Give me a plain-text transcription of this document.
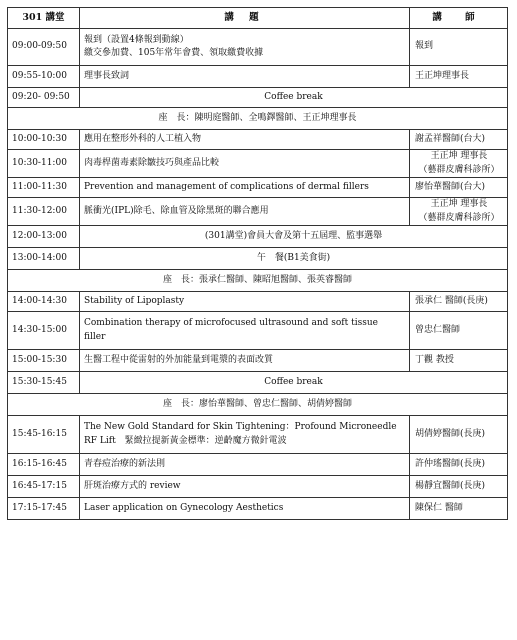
301 講堂	講 題	講 師
09:00-09:50	報到（設置4條報到動線）
繳交參加費、105年常年會費、領取繳費收據	報到

09:55-10:00	理事長致詞	王正坤理事長

09:20- 09:50	Coffee break	
座　長：陳明庭醫師、全鳴鐸醫師、王正坤理事長		
10:00-10:30	應用在整形外科的人工植入物	謝孟祥醫師(台大)

10:30-11:00	肉毒桿菌毒素除皺技巧與產品比較	王正坤 理事長
（藝群皮膚科診所）

11:00-11:30	Prevention and management of complications of dermal fillers	廖怡華醫師(台大)

11:30-12:00	脈衝光(IPL)除毛、除血管及除黑斑的聯合應用	王正坤 理事長
（藝群皮膚科診所）

12:00-13:00	(301講堂)會員大會及第十五屆理、監事選舉	
13:00-14:00	午　餐(B1美食街)	
座　長：張承仁醫師、陳昭旭醫師、張英睿醫師		
14:00-14:30	Stability of Lipoplasty	張承仁 醫師(長庚)

14:30-15:00	Combination therapy of microfocused ultrasound and soft tissue
filler	曾忠仁醫師

15:00-15:30	生醫工程中從雷射的外加能量到電漿的表面改質	丁觀 教授

15:30-15:45	Coffee break	
座　長：廖怡華醫師、曾忠仁醫師、胡倩婷醫師		
15:45-16:15	The New Gold Standard for Skin Tightening：Profound Microneedle
RF Lift　緊緻拉提新黃金標準：逆齡魔方微針電波	胡倩婷醫師(長庚)

16:15-16:45	青春痘治療的新法則	許仲瑤醫師(長庚)

16:45-17:15	肝斑治療方式的 review	楊靜宜醫師(長庚)

17:15-17:45	Laser application on Gynecology Aesthetics	陳保仁 醫師
